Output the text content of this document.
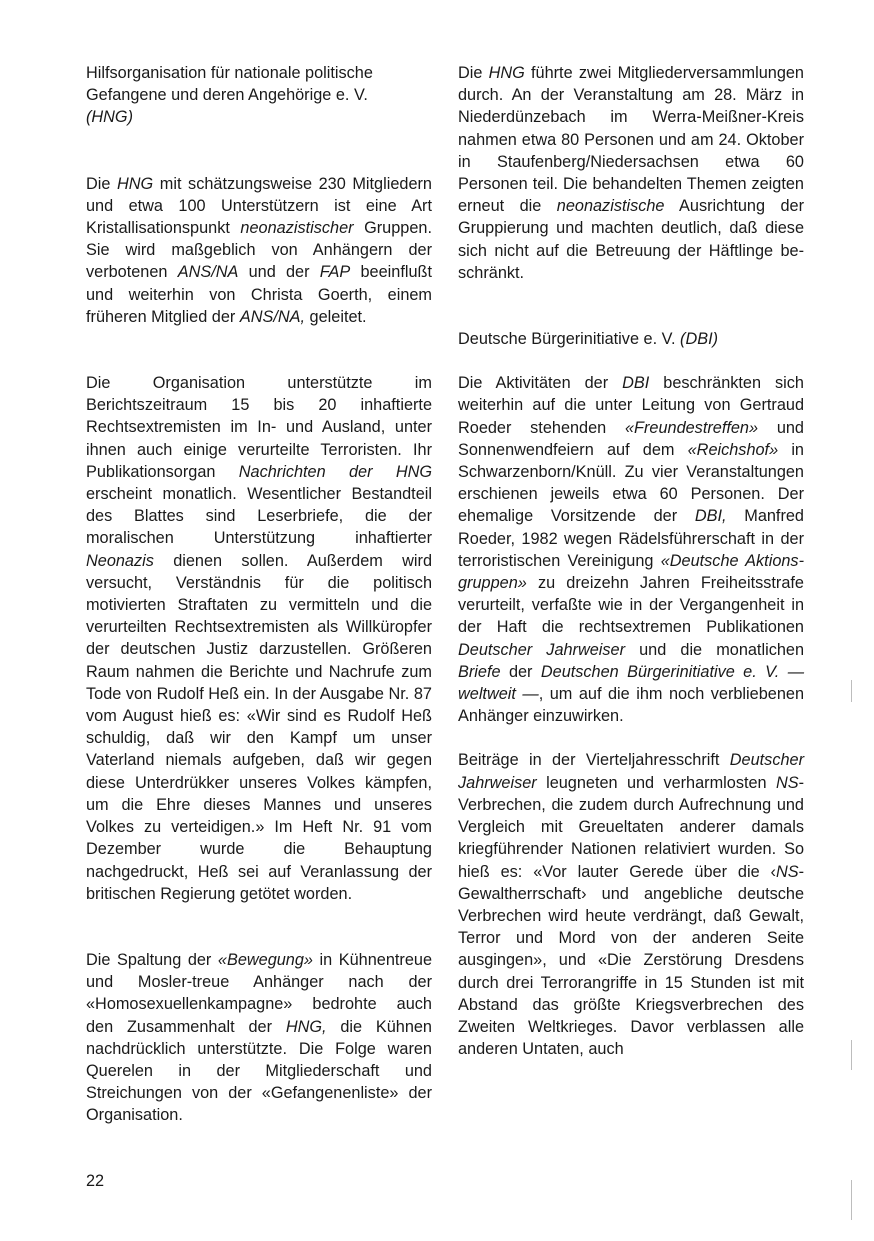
Hilfsorganisation für nationale politische Gefangene und deren Angehörige e. V.
(HNG)

Die HNG mit schätzungsweise 230 Mitgliedern und etwa 100 Unterstützern ist eine Art Kristallisationspunkt neonazistischer Gruppen. Sie wird maßgeblich von Anhängern der verbotenen ANS/NA und der FAP beeinflußt und weiterhin von Christa Goerth, einem früheren Mitglied der ANS/NA, geleitet.

Die Organisation unterstützte im Berichtszeitraum 15 bis 20 inhaftierte Rechtsextremisten im In- und Ausland, unter ihnen auch einige verurteilte Terroristen. Ihr Publikationsorgan Nachrichten der HNG erscheint monatlich. Wesentlicher Bestandteil des Blattes sind Leserbriefe, die der moralischen Unterstützung inhaftierter Neonazis dienen sollen. Außerdem wird versucht, Verständnis für die politisch motivierten Straftaten zu vermitteln und die verurteilten Rechtsextremisten als Willküropfer der deutschen Justiz darzustellen. Größeren Raum nahmen die Berichte und Nachrufe zum Tode von Rudolf Heß ein. In der Ausgabe Nr. 87 vom August hieß es: «Wir sind es Rudolf Heß schuldig, daß wir den Kampf um unser Vaterland niemals aufgeben, daß wir gegen diese Unterdrükker unseres Volkes kämpfen, um die Ehre dieses Mannes und unseres Volkes zu verteidigen.» Im Heft Nr. 91 vom Dezember wurde die Behauptung nachgedruckt, Heß sei auf Veranlassung der britischen Regierung getötet worden.

Die Spaltung der «Bewegung» in Kühnentreue und Mosler-treue Anhänger nach der «Homosexuellenkampagne» bedrohte auch den Zusammenhalt der HNG, die Kühnen nachdrücklich unterstützte. Die Folge waren Querelen in der Mitgliederschaft und Streichungen von der «Gefangenenliste» der Organisation.

Die HNG führte zwei Mitgliederversammlungen durch. An der Veranstaltung am 28. März in Niederdünzebach im Werra-Meißner-Kreis nahmen etwa 80 Personen und am 24. Oktober in Staufenberg/Niedersachsen etwa 60 Personen teil. Die behandelten Themen zeigten erneut die neonazistische Ausrichtung der Gruppierung und machten deutlich, daß diese sich nicht auf die Betreuung der Häftlinge beschränkt.

Deutsche Bürgerinitiative e. V. (DBI)

Die Aktivitäten der DBI beschränkten sich weiterhin auf die unter Leitung von Gertraud Roeder stehenden «Freundestreffen» und Sonnenwendfeiern auf dem «Reichshof» in Schwarzenborn/Knüll. Zu vier Veranstaltungen erschienen jeweils etwa 60 Personen. Der ehemalige Vorsitzende der DBI, Manfred Roeder, 1982 wegen Rädelsführerschaft in der terroristischen Vereinigung «Deutsche Aktionsgruppen» zu dreizehn Jahren Freiheitsstrafe verurteilt, verfaßte wie in der Vergangenheit in der Haft die rechtsextremen Publikationen Deutscher Jahrweiser und die monatlichen Briefe der Deutschen Bürgerinitiative e. V. — weltweit —, um auf die ihm noch verbliebenen Anhänger einzuwirken.

Beiträge in der Vierteljahresschrift Deutscher Jahrweiser leugneten und verharmlosten NS-Verbrechen, die zudem durch Aufrechnung und Vergleich mit Greueltaten anderer damals kriegführender Nationen relativiert wurden. So hieß es: «Vor lauter Gerede über die ‹NS-Gewaltherrschaft› und angebliche deutsche Verbrechen wird heute verdrängt, daß Gewalt, Terror und Mord von der anderen Seite ausgingen», und «Die Zerstörung Dresdens durch drei Terrorangriffe in 15 Stunden ist mit Abstand das größte Kriegsverbrechen des Zweiten Weltkrieges. Davor verblassen alle anderen Untaten, auch

22
